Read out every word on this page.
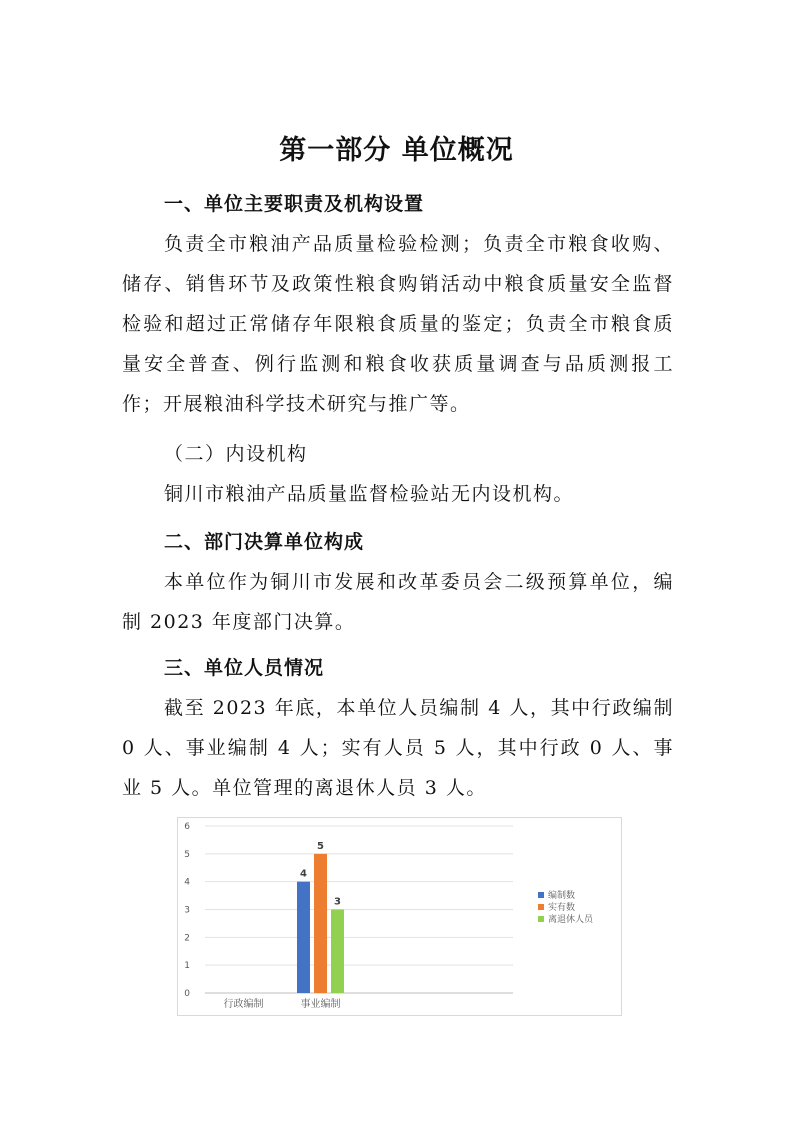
第一部分 单位概况
一、单位主要职责及机构设置
负责全市粮油产品质量检验检测；负责全市粮食收购、储存、销售环节及政策性粮食购销活动中粮食质量安全监督检验和超过正常储存年限粮食质量的鉴定；负责全市粮食质量安全普查、例行监测和粮食收获质量调查与品质测报工作；开展粮油科学技术研究与推广等。
（二）内设机构
铜川市粮油产品质量监督检验站无内设机构。
二、部门决算单位构成
本单位作为铜川市发展和改革委员会二级预算单位，编制 2023 年度部门决算。
三、单位人员情况
截至 2023 年底，本单位人员编制 4 人，其中行政编制 0 人、事业编制 4 人；实有人员 5 人，其中行政 0 人、事业 5 人。单位管理的离退休人员 3 人。
0
1
2
3
4
5
6
行政编制	事业编制
4
5
3
编制数
实有数
离退休人员
